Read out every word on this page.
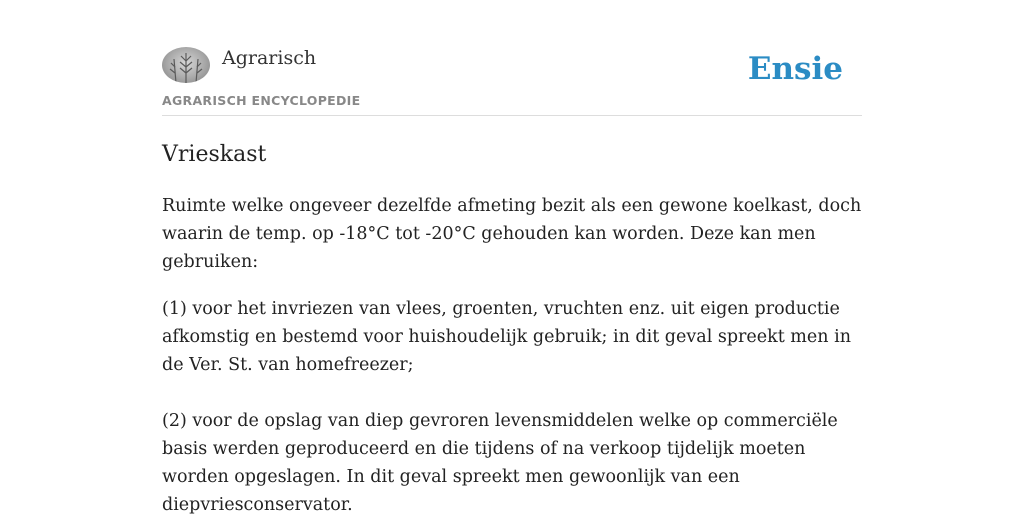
Agrarisch
AGRARISCH ENCYCLOPEDIE
Ensie
Vrieskast

Ruimte welke ongeveer dezelfde afmeting bezit als een gewone koelkast, doch waarin de temp. op -18°C tot -20°C gehouden kan worden. Deze kan men gebruiken:

(1) voor het invriezen van vlees, groenten, vruchten enz. uit eigen productie afkomstig en bestemd voor huishoudelijk gebruik; in dit geval spreekt men in de Ver. St. van homefreezer;

(2) voor de opslag van diep gevroren levensmiddelen welke op commerciële basis werden geproduceerd en die tijdens of na verkoop tijdelijk moeten worden opgeslagen. In dit geval spreekt men gewoonlijk van een diepvriesconservator.
